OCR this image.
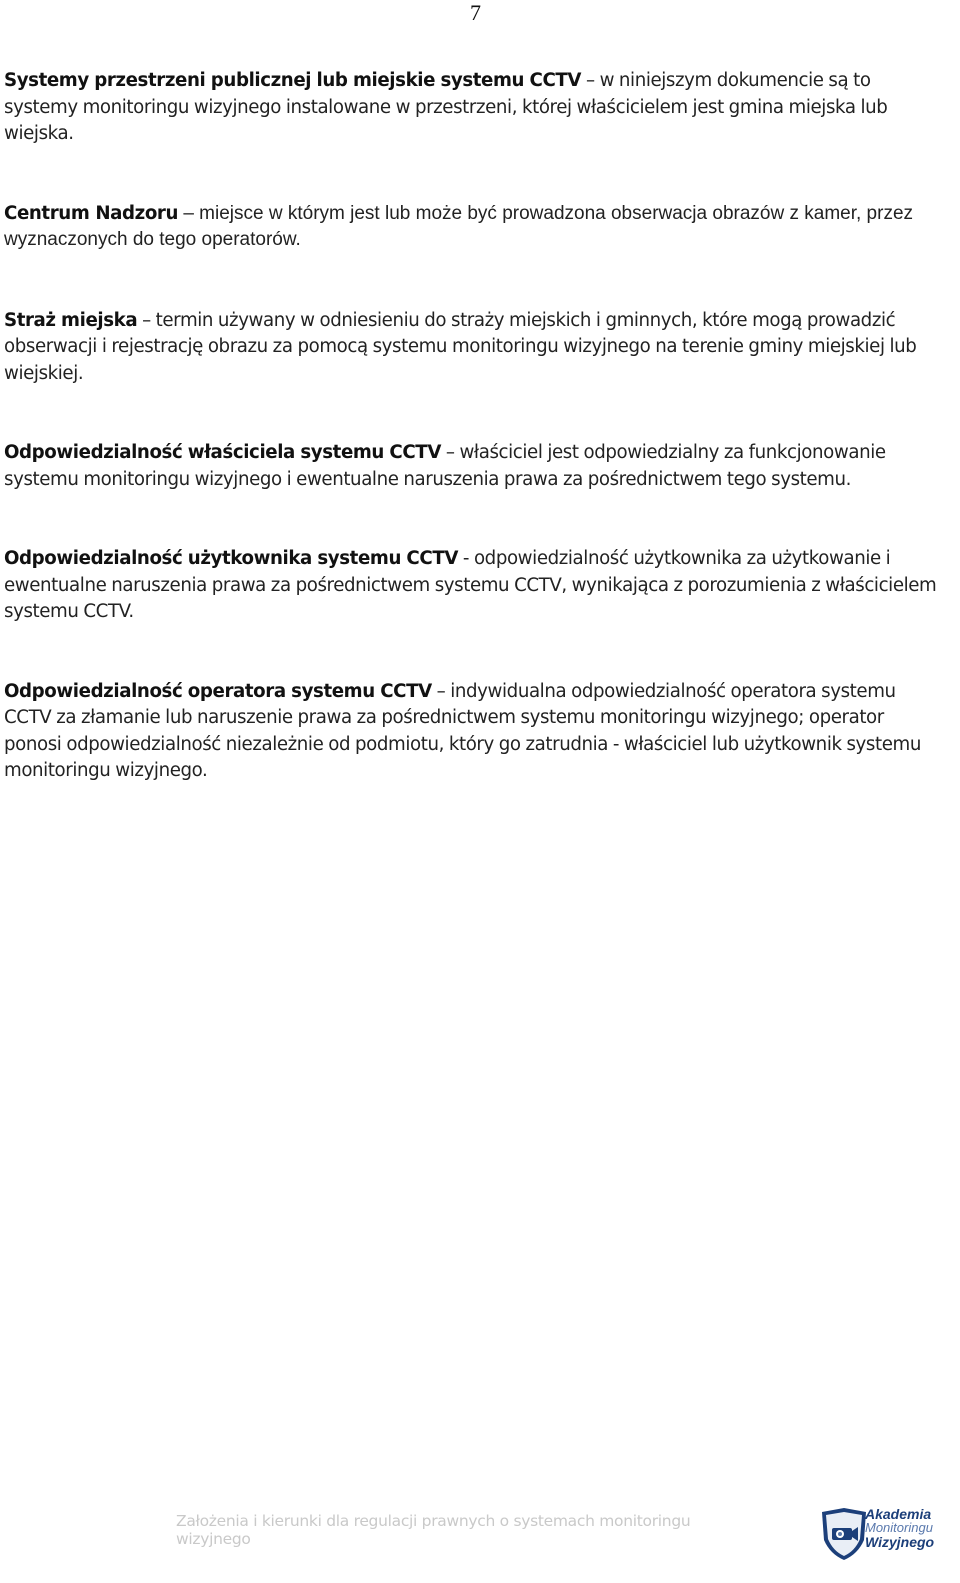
7

Systemy przestrzeni publicznej lub miejskie systemu CCTV – w niniejszym dokumencie są to systemy monitoringu wizyjnego instalowane w przestrzeni, której właścicielem jest gmina miejska lub wiejska.

Centrum Nadzoru – miejsce w którym jest lub może być prowadzona obserwacja obrazów z kamer, przez wyznaczonych do tego operatorów.

Straż miejska – termin używany w odniesieniu do straży miejskich i gminnych, które mogą prowadzić obserwacji i rejestrację obrazu za pomocą systemu monitoringu wizyjnego na terenie gminy miejskiej lub wiejskiej.

Odpowiedzialność właściciela systemu CCTV – właściciel jest odpowiedzialny za funkcjonowanie systemu monitoringu wizyjnego i ewentualne naruszenia prawa za pośrednictwem tego systemu.

Odpowiedzialność użytkownika systemu CCTV - odpowiedzialność użytkownika za użytkowanie i ewentualne naruszenia prawa za pośrednictwem systemu CCTV, wynikająca z porozumienia z właścicielem systemu CCTV.

Odpowiedzialność operatora systemu CCTV – indywidualna odpowiedzialność operatora systemu CCTV za złamanie lub naruszenie prawa za pośrednictwem systemu monitoringu wizyjnego; operator ponosi odpowiedzialność niezależnie od podmiotu, który go zatrudnia - właściciel lub użytkownik systemu monitoringu wizyjnego.

Założenia i kierunki dla regulacji prawnych o systemach monitoringu wizyjnego
Akademia
Monitoringu
Wizyjnego
